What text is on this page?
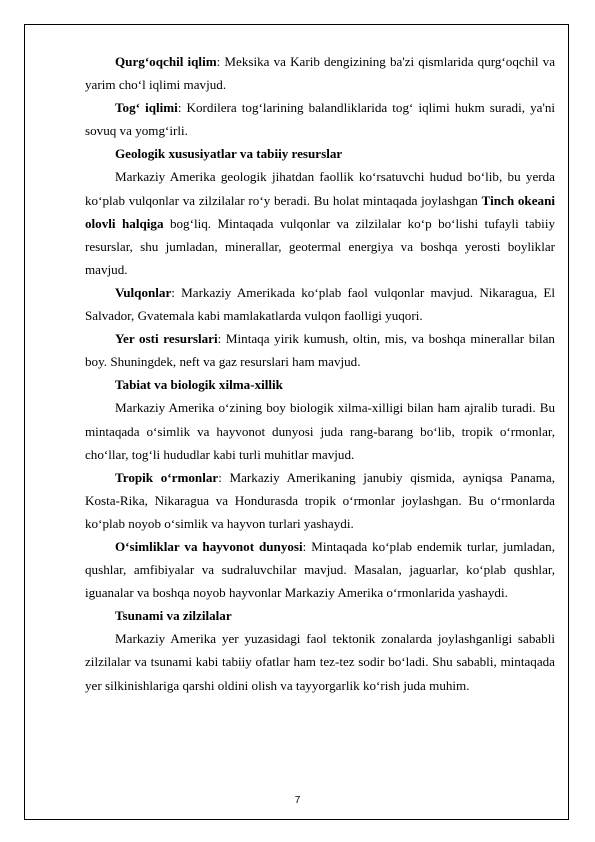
Qurg‘oqchil iqlim: Meksika va Karib dengizining ba'zi qismlarida qurg‘oqchil va yarim cho‘l iqlimi mavjud.

Tog‘ iqlimi: Kordilera tog‘larining balandliklarida tog‘ iqlimi hukm suradi, ya'ni sovuq va yomg‘irli.

Geologik xususiyatlar va tabiiy resurslar

Markaziy Amerika geologik jihatdan faollik ko‘rsatuvchi hudud bo‘lib, bu yerda ko‘plab vulqonlar va zilzilalar ro‘y beradi. Bu holat mintaqada joylashgan Tinch okeani olovli halqiga bog‘liq. Mintaqada vulqonlar va zilzilalar ko‘p bo‘lishi tufayli tabiiy resurslar, shu jumladan, minerallar, geotermal energiya va boshqa yerosti boyliklar mavjud.

Vulqonlar: Markaziy Amerikada ko‘plab faol vulqonlar mavjud. Nikaragua, El Salvador, Gvatemala kabi mamlakatlarda vulqon faolligi yuqori.

Yer osti resurslari: Mintaqa yirik kumush, oltin, mis, va boshqa minerallar bilan boy. Shuningdek, neft va gaz resurslari ham mavjud.

Tabiat va biologik xilma-xillik

Markaziy Amerika o‘zining boy biologik xilma-xilligi bilan ham ajralib turadi. Bu mintaqada o‘simlik va hayvonot dunyosi juda rang-barang bo‘lib, tropik o‘rmonlar, cho‘llar, tog‘li hududlar kabi turli muhitlar mavjud.

Tropik o‘rmonlar: Markaziy Amerikaning janubiy qismida, ayniqsa Panama, Kosta-Rika, Nikaragua va Hondurasda tropik o‘rmonlar joylashgan. Bu o‘rmonlarda ko‘plab noyob o‘simlik va hayvon turlari yashaydi.

O‘simliklar va hayvonot dunyosi: Mintaqada ko‘plab endemik turlar, jumladan, qushlar, amfibiyalar va sudraluvchilar mavjud. Masalan, jaguarlar, ko‘plab qushlar, iguanalar va boshqa noyob hayvonlar Markaziy Amerika o‘rmonlarida yashaydi.

Tsunami va zilzilalar

Markaziy Amerika yer yuzasidagi faol tektonik zonalarda joylashganligi sababli zilzilalar va tsunami kabi tabiiy ofatlar ham tez-tez sodir bo‘ladi. Shu sababli, mintaqada yer silkinishlariga qarshi oldini olish va tayyorgarlik ko‘rish juda muhim.

7
